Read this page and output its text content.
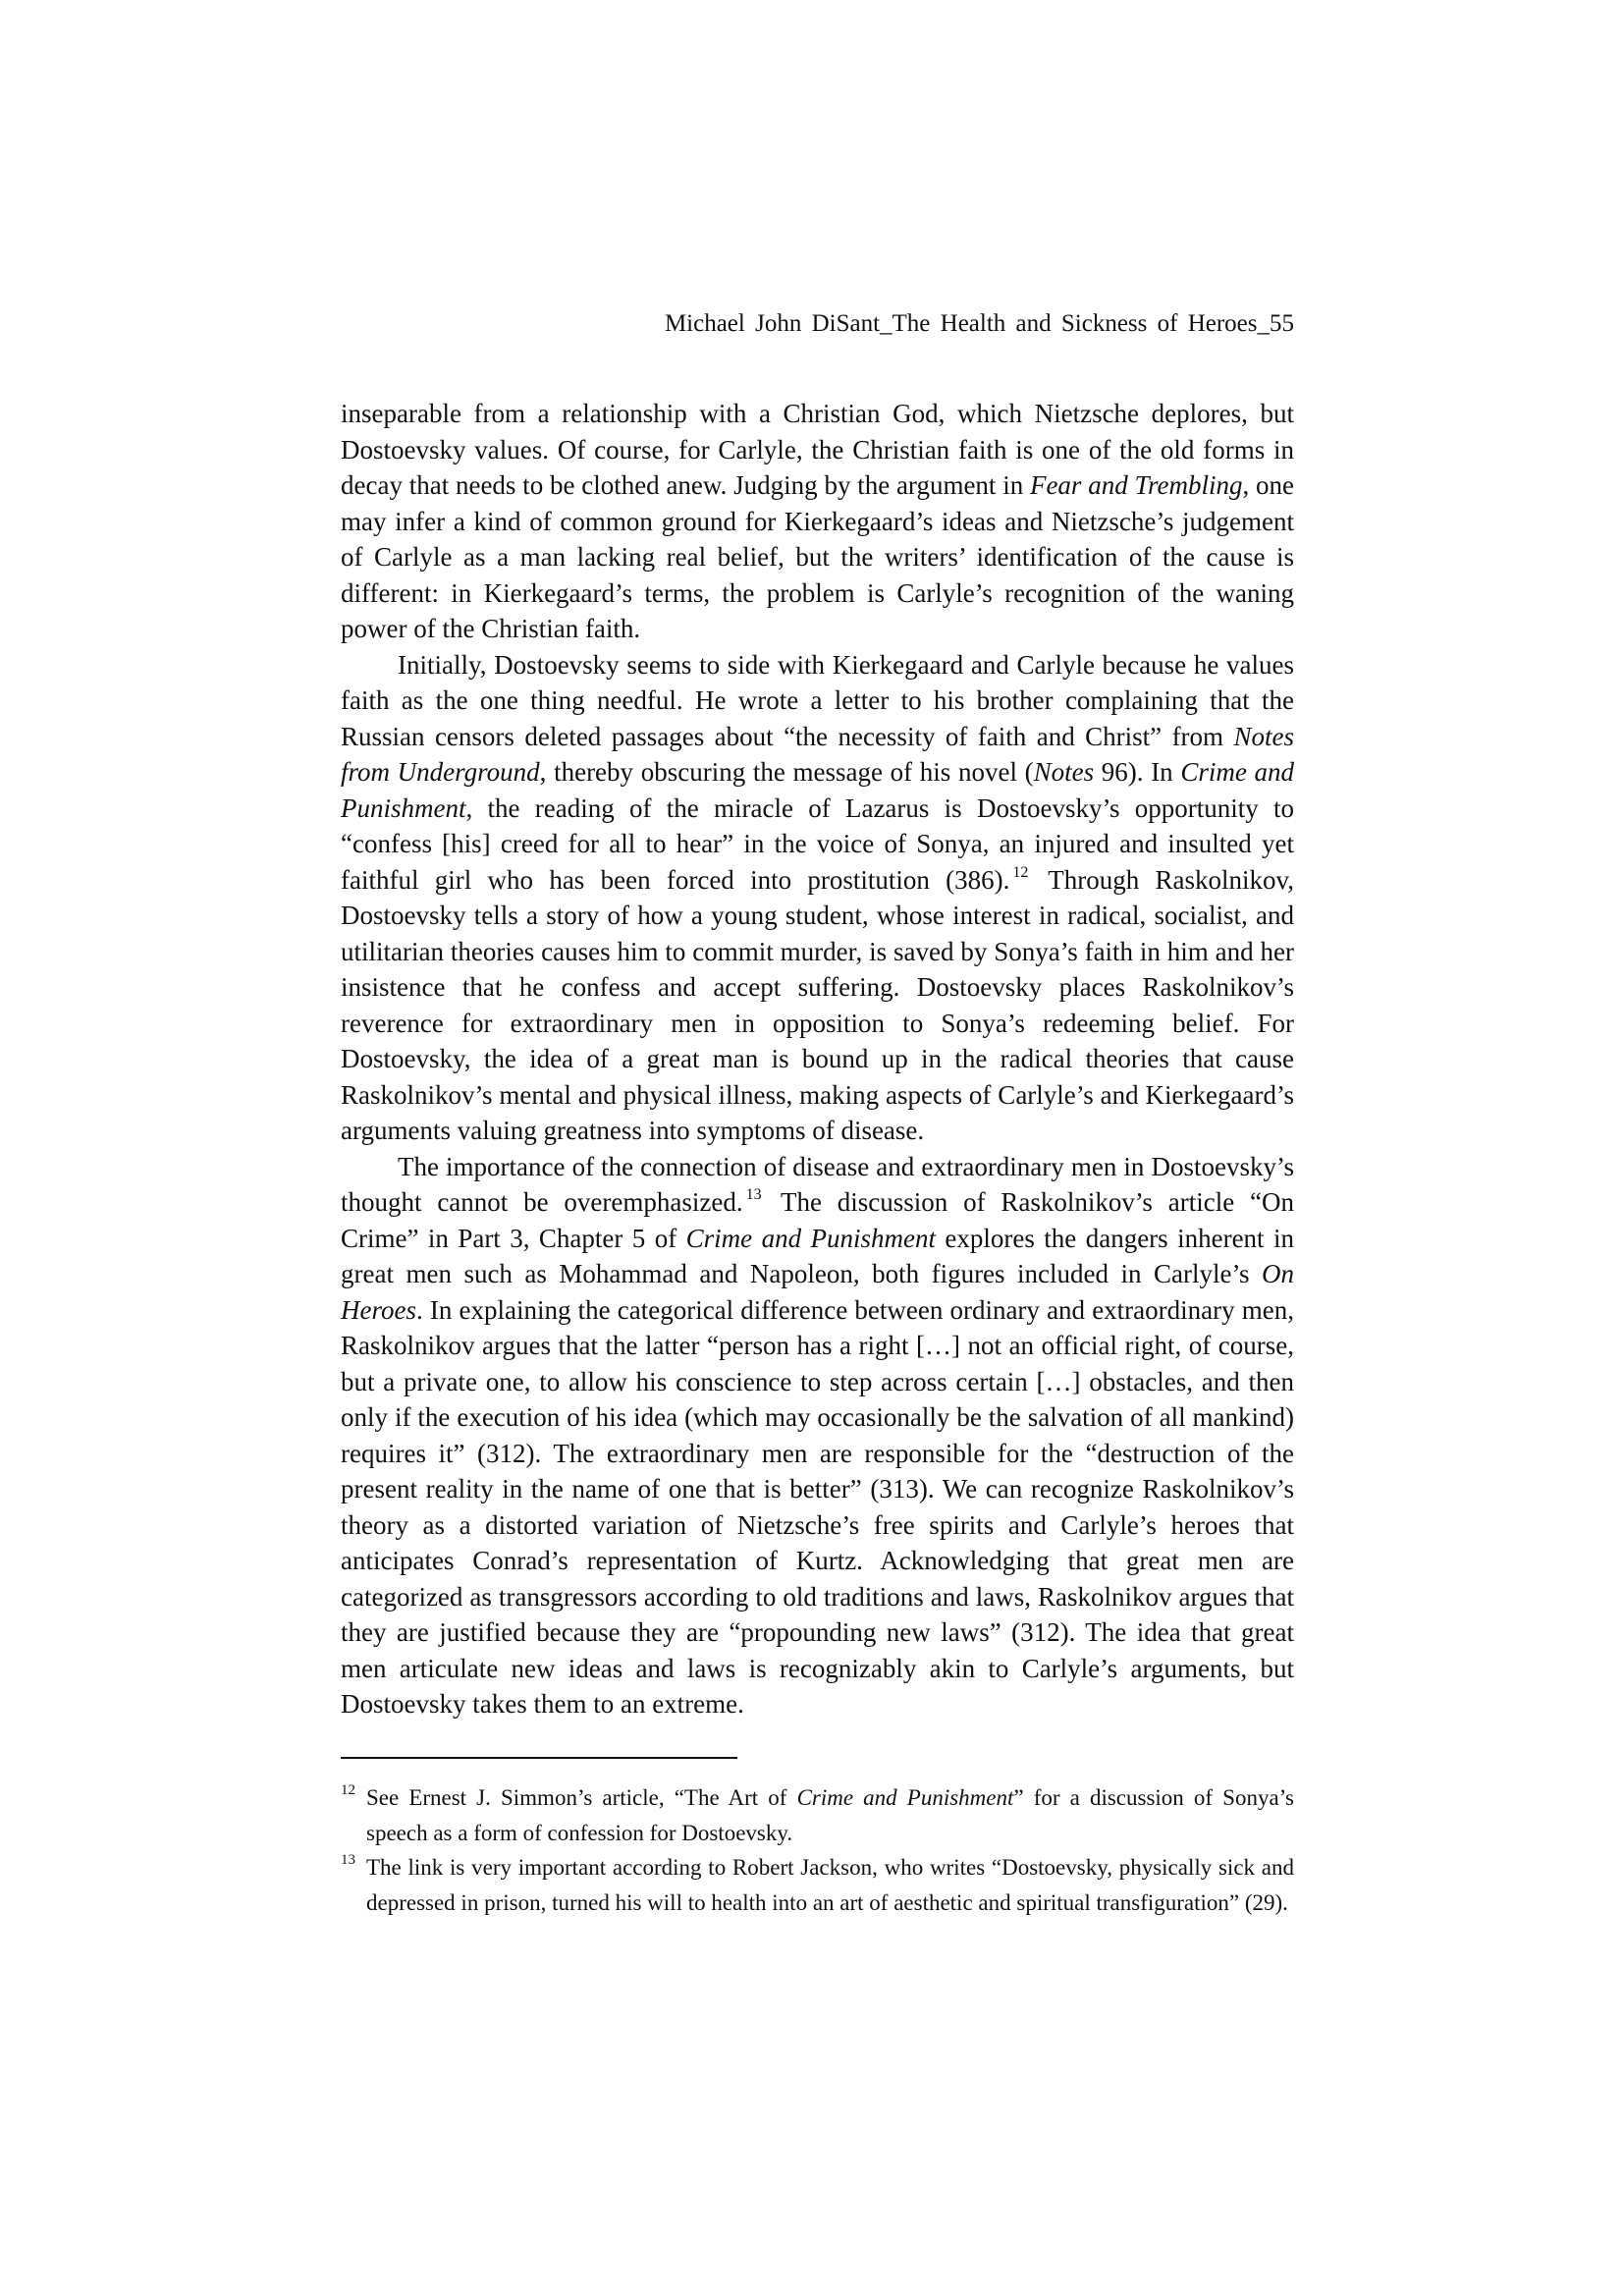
Michael John DiSant_The Health and Sickness of Heroes_55

inseparable from a relationship with a Christian God, which Nietzsche deplores, but Dostoevsky values. Of course, for Carlyle, the Christian faith is one of the old forms in decay that needs to be clothed anew. Judging by the argument in Fear and Trembling, one may infer a kind of common ground for Kierkegaard’s ideas and Nietzsche’s judgement of Carlyle as a man lacking real belief, but the writers’ identification of the cause is different: in Kierkegaard’s terms, the problem is Carlyle’s recognition of the waning power of the Christian faith.

Initially, Dostoevsky seems to side with Kierkegaard and Carlyle because he values faith as the one thing needful. He wrote a letter to his brother complaining that the Russian censors deleted passages about “the necessity of faith and Christ” from Notes from Underground, thereby obscuring the message of his novel (Notes 96). In Crime and Punishment, the reading of the miracle of Lazarus is Dostoevsky’s opportunity to “confess [his] creed for all to hear” in the voice of Sonya, an injured and insulted yet faithful girl who has been forced into prostitution (386). $^{12}$ Through Raskolnikov, Dostoevsky tells a story of how a young student, whose interest in radical, socialist, and utilitarian theories causes him to commit murder, is saved by Sonya’s faith in him and her insistence that he confess and accept suffering. Dostoevsky places Raskolnikov’s reverence for extraordinary men in opposition to Sonya’s redeeming belief. For Dostoevsky, the idea of a great man is bound up in the radical theories that cause Raskolnikov’s mental and physical illness, making aspects of Carlyle’s and Kierkegaard’s arguments valuing greatness into symptoms of disease.

The importance of the connection of disease and extraordinary men in Dostoevsky’s thought cannot be overemphasized. $^{13}$ The discussion of Raskolnikov’s article “On Crime” in Part 3, Chapter 5 of Crime and Punishment explores the dangers inherent in great men such as Mohammad and Napoleon, both figures included in Carlyle’s On Heroes. In explaining the categorical difference between ordinary and extraordinary men, Raskolnikov argues that the latter “person has a right […] not an official right, of course, but a private one, to allow his conscience to step across certain […] obstacles, and then only if the execution of his idea (which may occasionally be the salvation of all mankind) requires it” (312). The extraordinary men are responsible for the “destruction of the present reality in the name of one that is better” (313). We can recognize Raskolnikov’s theory as a distorted variation of Nietzsche’s free spirits and Carlyle’s heroes that anticipates Conrad’s representation of Kurtz. Acknowledging that great men are categorized as transgressors according to old traditions and laws, Raskolnikov argues that they are justified because they are “propounding new laws” (312). The idea that great men articulate new ideas and laws is recognizably akin to Carlyle’s arguments, but Dostoevsky takes them to an extreme.

12 See Ernest J. Simmon’s article, “The Art of Crime and Punishment” for a discussion of Sonya’s speech as a form of confession for Dostoevsky.
13 The link is very important according to Robert Jackson, who writes “Dostoevsky, physically sick and depressed in prison, turned his will to health into an art of aesthetic and spiritual transfiguration” (29).
